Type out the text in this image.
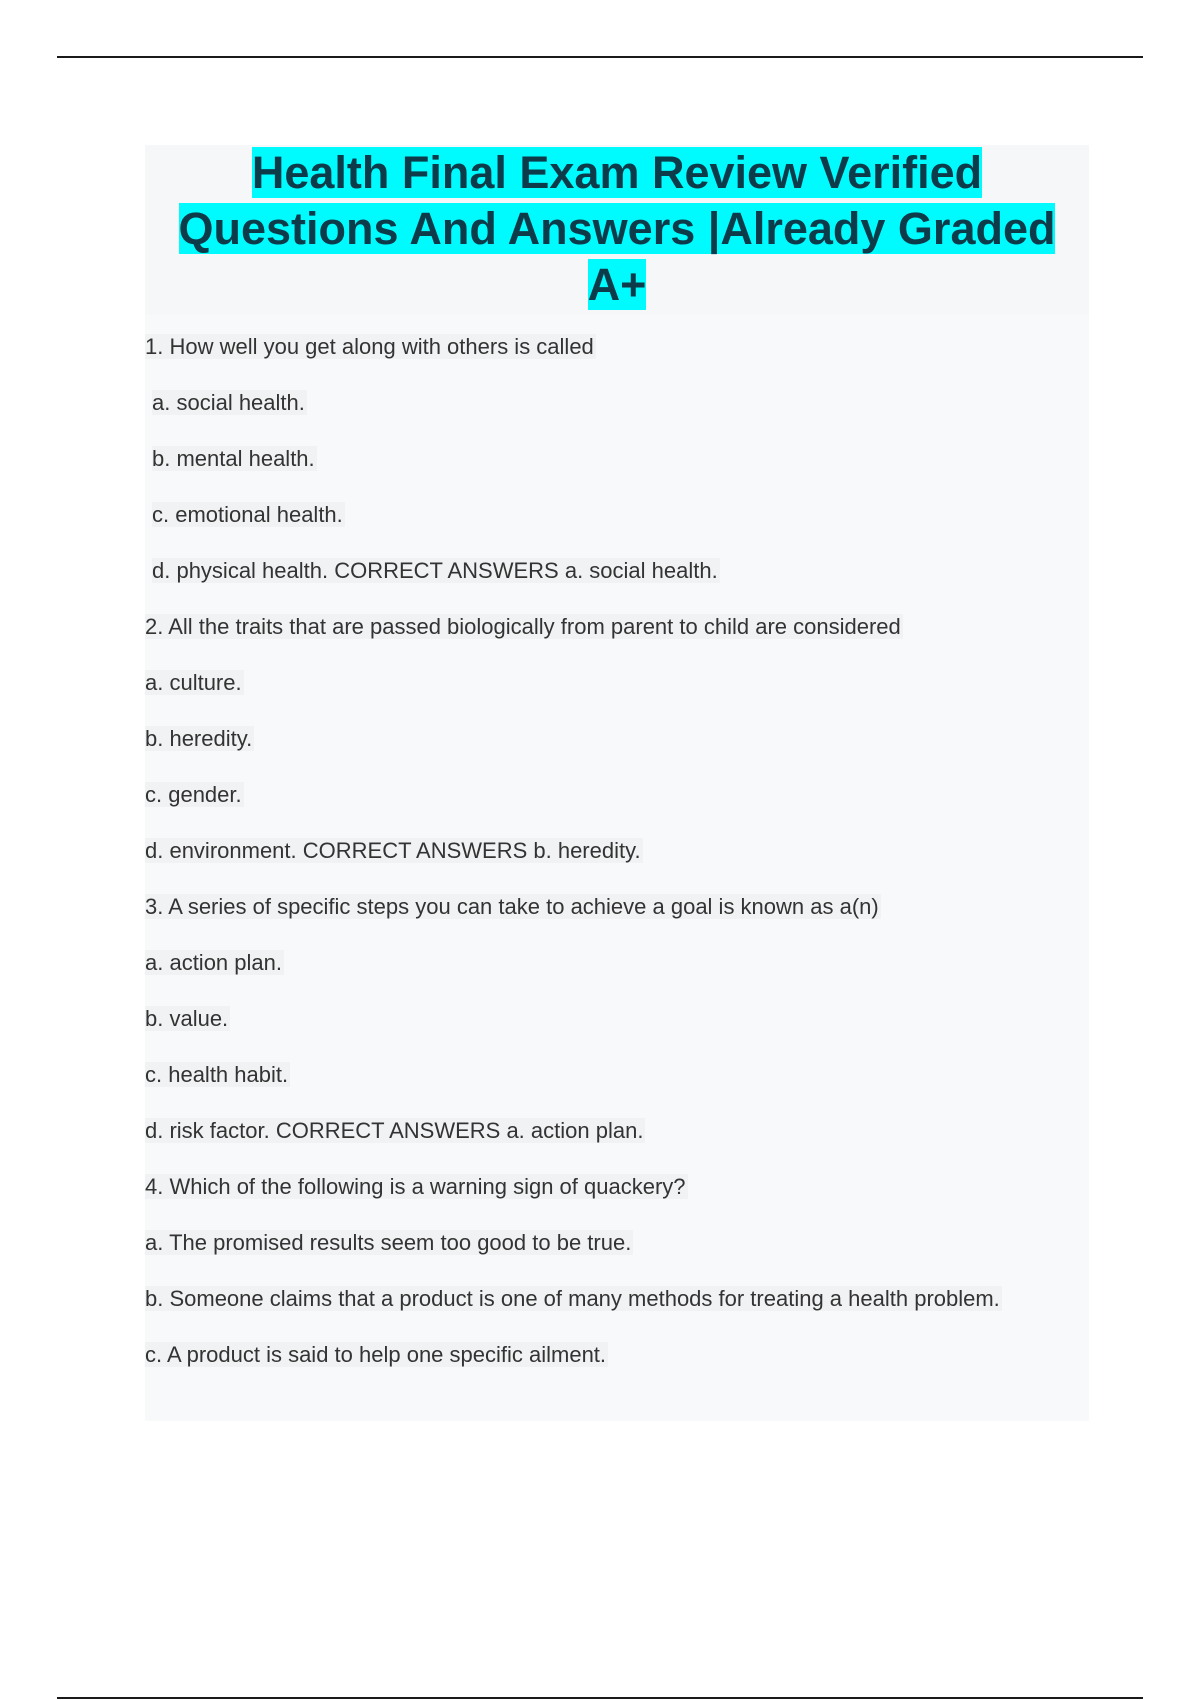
Health Final Exam Review Verified Questions And Answers |Already Graded A+

1. How well you get along with others is called

a. social health.

b. mental health.

c. emotional health.

d. physical health. CORRECT ANSWERS a. social health.

2. All the traits that are passed biologically from parent to child are considered

a. culture.

b. heredity.

c. gender.

d. environment. CORRECT ANSWERS b. heredity.

3. A series of specific steps you can take to achieve a goal is known as a(n)

a. action plan.

b. value.

c. health habit.

d. risk factor. CORRECT ANSWERS a. action plan.

4. Which of the following is a warning sign of quackery?

a. The promised results seem too good to be true.

b. Someone claims that a product is one of many methods for treating a health problem.

c. A product is said to help one specific ailment.
